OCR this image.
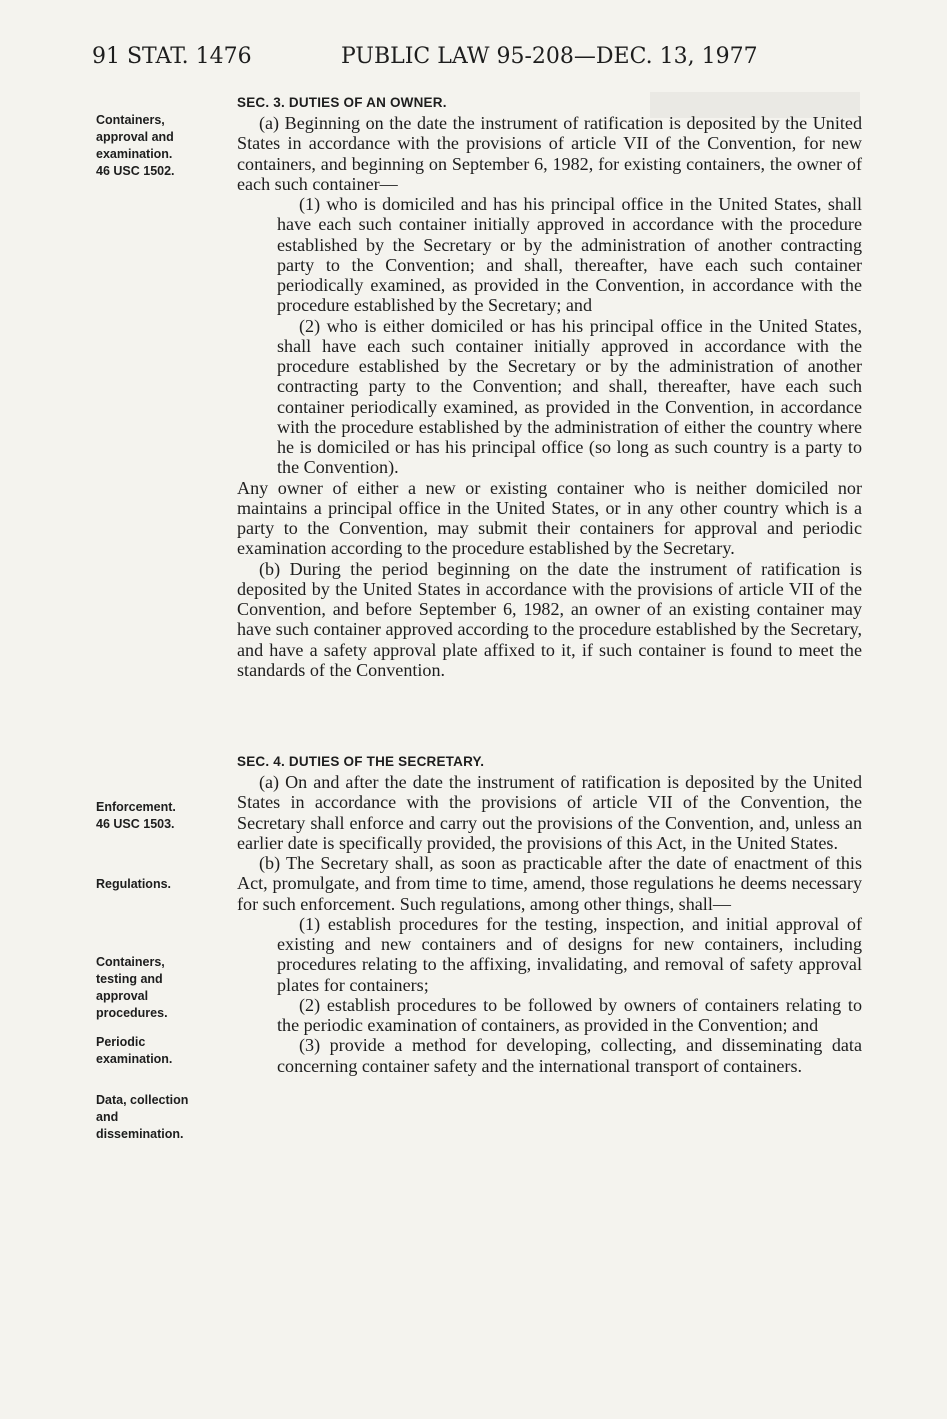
91 STAT. 1476	PUBLIC LAW 95-208—DEC. 13, 1977
Containers,
approval and
examination.
46 USC 1502.
Enforcement.
46 USC 1503.
Regulations.
Containers,
testing and
approval
procedures.
Periodic
examination.
Data, collection
and
dissemination.
SEC. 3. DUTIES OF AN OWNER.

(a) Beginning on the date the instrument of ratification is deposited by the United States in accordance with the provisions of article VII of the Convention, for new containers, and beginning on September 6, 1982, for existing containers, the owner of each such container—

(1) who is domiciled and has his principal office in the United States, shall have each such container initially approved in accordance with the procedure established by the Secretary or by the administration of another contracting party to the Convention; and shall, thereafter, have each such container periodically examined, as provided in the Convention, in accordance with the procedure established by the Secretary; and

(2) who is either domiciled or has his principal office in the United States, shall have each such container initially approved in accordance with the procedure established by the Secretary or by the administration of another contracting party to the Convention; and shall, thereafter, have each such container periodically examined, as provided in the Convention, in accordance with the procedure established by the administration of either the country where he is domiciled or has his principal office (so long as such country is a party to the Convention).

Any owner of either a new or existing container who is neither domiciled nor maintains a principal office in the United States, or in any other country which is a party to the Convention, may submit their containers for approval and periodic examination according to the procedure established by the Secretary.

(b) During the period beginning on the date the instrument of ratification is deposited by the United States in accordance with the provisions of article VII of the Convention, and before September 6, 1982, an owner of an existing container may have such container approved according to the procedure established by the Secretary, and have a safety approval plate affixed to it, if such container is found to meet the standards of the Convention.

SEC. 4. DUTIES OF THE SECRETARY.

(a) On and after the date the instrument of ratification is deposited by the United States in accordance with the provisions of article VII of the Convention, the Secretary shall enforce and carry out the provisions of the Convention, and, unless an earlier date is specifically provided, the provisions of this Act, in the United States.

(b) The Secretary shall, as soon as practicable after the date of enactment of this Act, promulgate, and from time to time, amend, those regulations he deems necessary for such enforcement. Such regulations, among other things, shall—

(1) establish procedures for the testing, inspection, and initial approval of existing and new containers and of designs for new containers, including procedures relating to the affixing, invalidating, and removal of safety approval plates for containers;

(2) establish procedures to be followed by owners of containers relating to the periodic examination of containers, as provided in the Convention; and

(3) provide a method for developing, collecting, and disseminating data concerning container safety and the international transport of containers.
